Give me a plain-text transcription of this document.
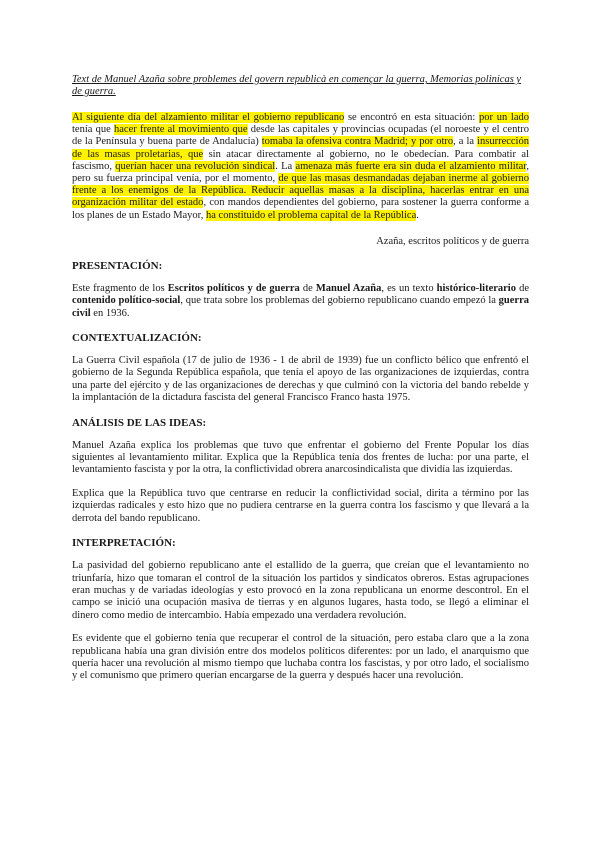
Text de Manuel Azaña sobre problemes del govern republicà en començar la guerra, Memorias polinicas y de guerra.

Al siguiente día del alzamiento militar el gobierno republicano se encontró en esta situación: por un lado tenía que hacer frente al movimiento que desde las capitales y provincias ocupadas (el noroeste y el centro de la Península y buena parte de Andalucía) tomaba la ofensiva contra Madrid; y por otro, a la insurrección de las masas proletarias, que sin atacar directamente al gobierno, no le obedecían. Para combatir al fascismo, querían hacer una revolución sindical. La amenaza más fuerte era sin duda el alzamiento militar, pero su fuerza principal venía, por el momento, de que las masas desmandadas dejaban inerme al gobierno frente a los enemigos de la República. Reducir aquellas masas a la disciplina, hacerlas entrar en una organización militar del estado, con mandos dependientes del gobierno, para sostener la guerra conforme a los planes de un Estado Mayor, ha constituido el problema capital de la República.

Azaña, escritos políticos y de guerra

PRESENTACIÓN:

Este fragmento de los Escritos políticos y de guerra de Manuel Azaña, es un texto histórico-literario de contenido político-social, que trata sobre los problemas del gobierno republicano cuando empezó la guerra civil en 1936.

CONTEXTUALIZACIÓN:

La Guerra Civil española (17 de julio de 1936 - 1 de abril de 1939) fue un conflicto bélico que enfrentó el gobierno de la Segunda República española, que tenía el apoyo de las organizaciones de izquierdas, contra una parte del ejército y de las organizaciones de derechas y que culminó con la victoria del bando rebelde y la implantación de la dictadura fascista del general Francisco Franco hasta 1975.

ANÁLISIS DE LAS IDEAS:

Manuel Azaña explica los problemas que tuvo que enfrentar el gobierno del Frente Popular los días siguientes al levantamiento militar. Explica que la República tenía dos frentes de lucha: por una parte, el levantamiento fascista y por la otra, la conflictividad obrera anarcosindicalista que dividía las izquierdas.

Explica que la República tuvo que centrarse en reducir la conflictividad social, dirita a término por las izquierdas radicales y esto hizo que no pudiera centrarse en la guerra contra los fascismo y que llevará a la derrota del bando republicano.

INTERPRETACIÓN:

La pasividad del gobierno republicano ante el estallido de la guerra, que creían que el levantamiento no triunfaría, hizo que tomaran el control de la situación los partidos y sindicatos obreros. Estas agrupaciones eran muchas y de variadas ideologías y esto provocó en la zona republicana un enorme descontrol. En el campo se inició una ocupación masiva de tierras y en algunos lugares, hasta todo, se llegó a eliminar el dinero como medio de intercambio. Había empezado una verdadera revolución.

Es evidente que el gobierno tenía que recuperar el control de la situación, pero estaba claro que a la zona republicana había una gran división entre dos modelos políticos diferentes: por un lado, el anarquismo que quería hacer una revolución al mismo tiempo que luchaba contra los fascistas, y por otro lado, el socialismo y el comunismo que primero querían encargarse de la guerra y después hacer una revolución.
